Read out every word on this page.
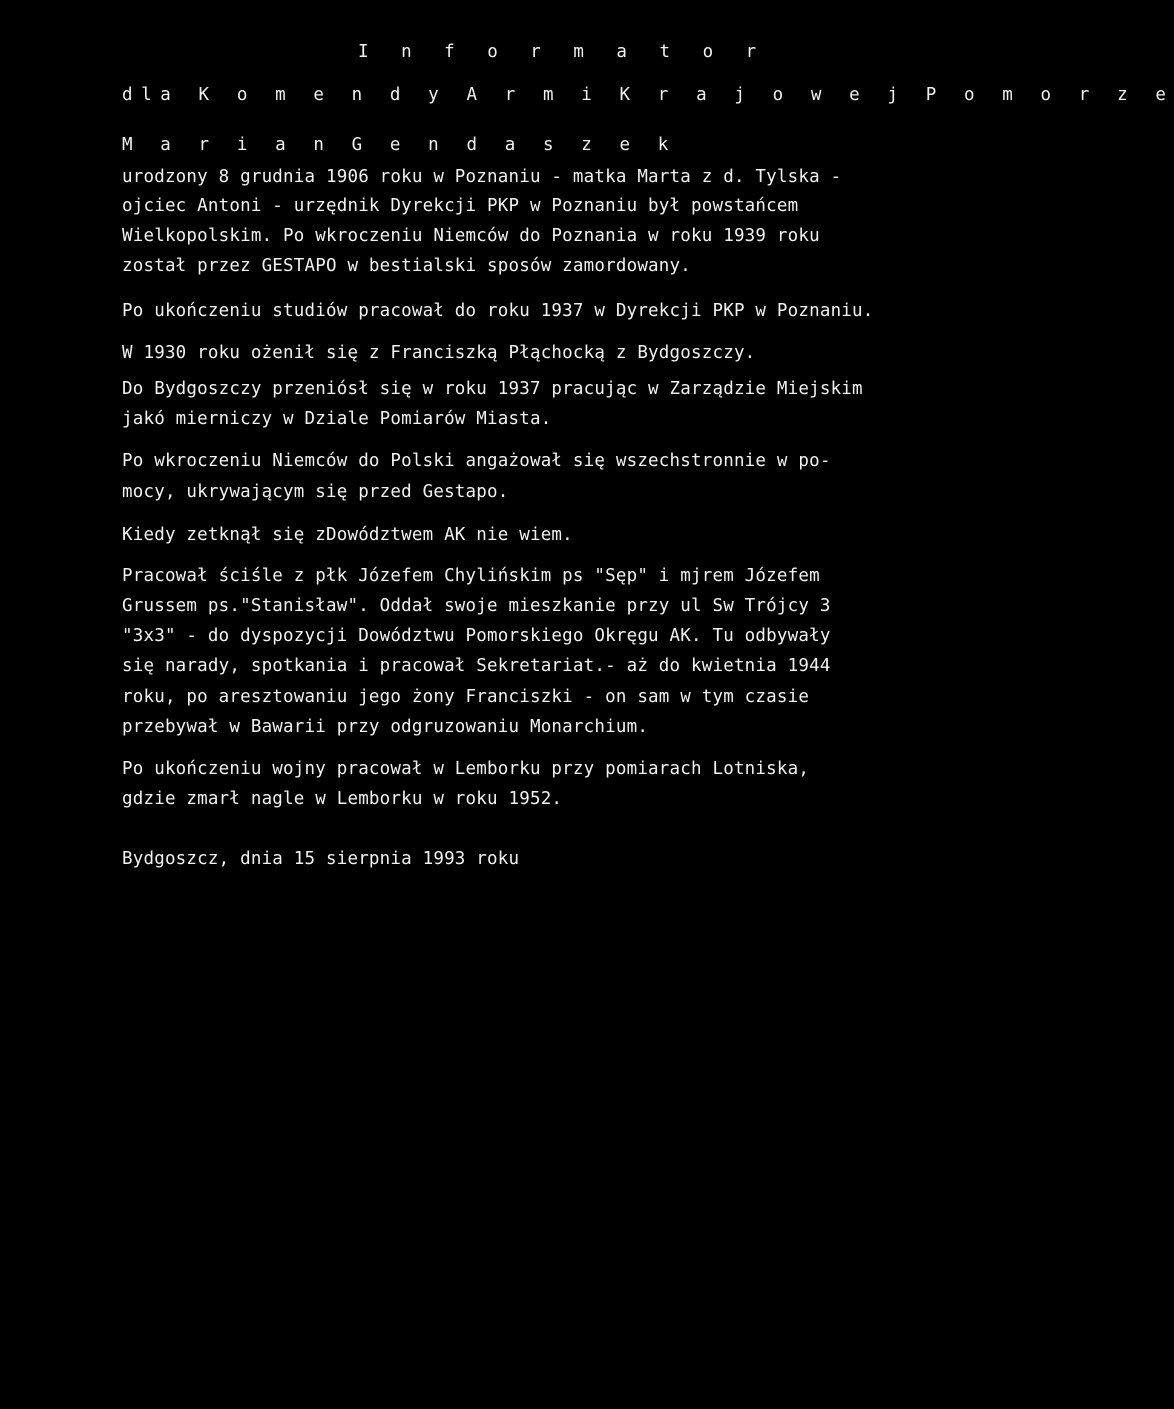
I n f o r m a t o r
dla K o m e n d y A r m i K r a j o w e j P o m o r z e
M a r i a n G e n d a s z e k
urodzony 8 grudnia 1906 roku w Poznaniu - matka Marta z d. Tylska -
ojciec Antoni - urzędnik Dyrekcji PKP w Poznaniu był powstańcem
Wielkopolskim. Po wkroczeniu Niemców do Poznania w roku 1939 roku
został przez GESTAPO w bestialski sposów zamordowany.
Po ukończeniu studiów pracował do roku 1937 w Dyrekcji PKP w Poznaniu.
W 1930 roku ożenił się z Franciszką Płąchocką z Bydgoszczy.
Do Bydgoszczy przeniósł się w roku 1937 pracując w Zarządzie Miejskim
jakó mierniczy w Dziale Pomiarów Miasta.
Po wkroczeniu Niemców do Polski angażował się wszechstronnie w po-
mocy, ukrywającym się przed Gestapo.
Kiedy zetknął się zDowództwem AK nie wiem.
Pracował ściśle z płk Józefem Chylińskim ps "Sęp" i mjrem Józefem
Grussem ps."Stanisław". Oddał swoje mieszkanie przy ul Sw Trójcy 3
"3x3" - do dyspozycji Dowództwu Pomorskiego Okręgu AK. Tu odbywały
się narady, spotkania i pracował Sekretariat.- aż do kwietnia 1944
roku, po aresztowaniu jego żony Franciszki - on sam w tym czasie
przebywał w Bawarii przy odgruzowaniu Monarchium.
Po ukończeniu wojny pracował w Lemborku przy pomiarach Lotniska,
gdzie zmarł nagle w Lemborku w roku 1952.
Bydgoszcz, dnia 15 sierpnia 1993 roku
